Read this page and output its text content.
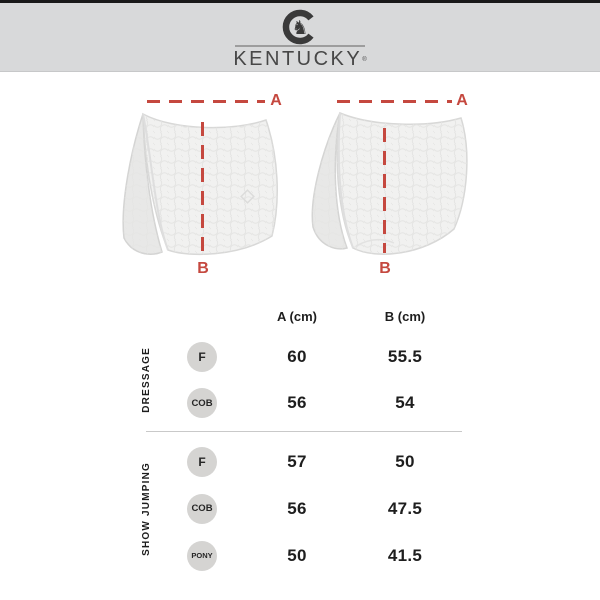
♞
KENTUCKY®
A
B
A
B
A (cm)	B (cm)
DRESSAGE	F	60	55.5
COB	56	54
SHOW JUMPING
F	57	50
COB	56	47.5
PONY	50	41.5
